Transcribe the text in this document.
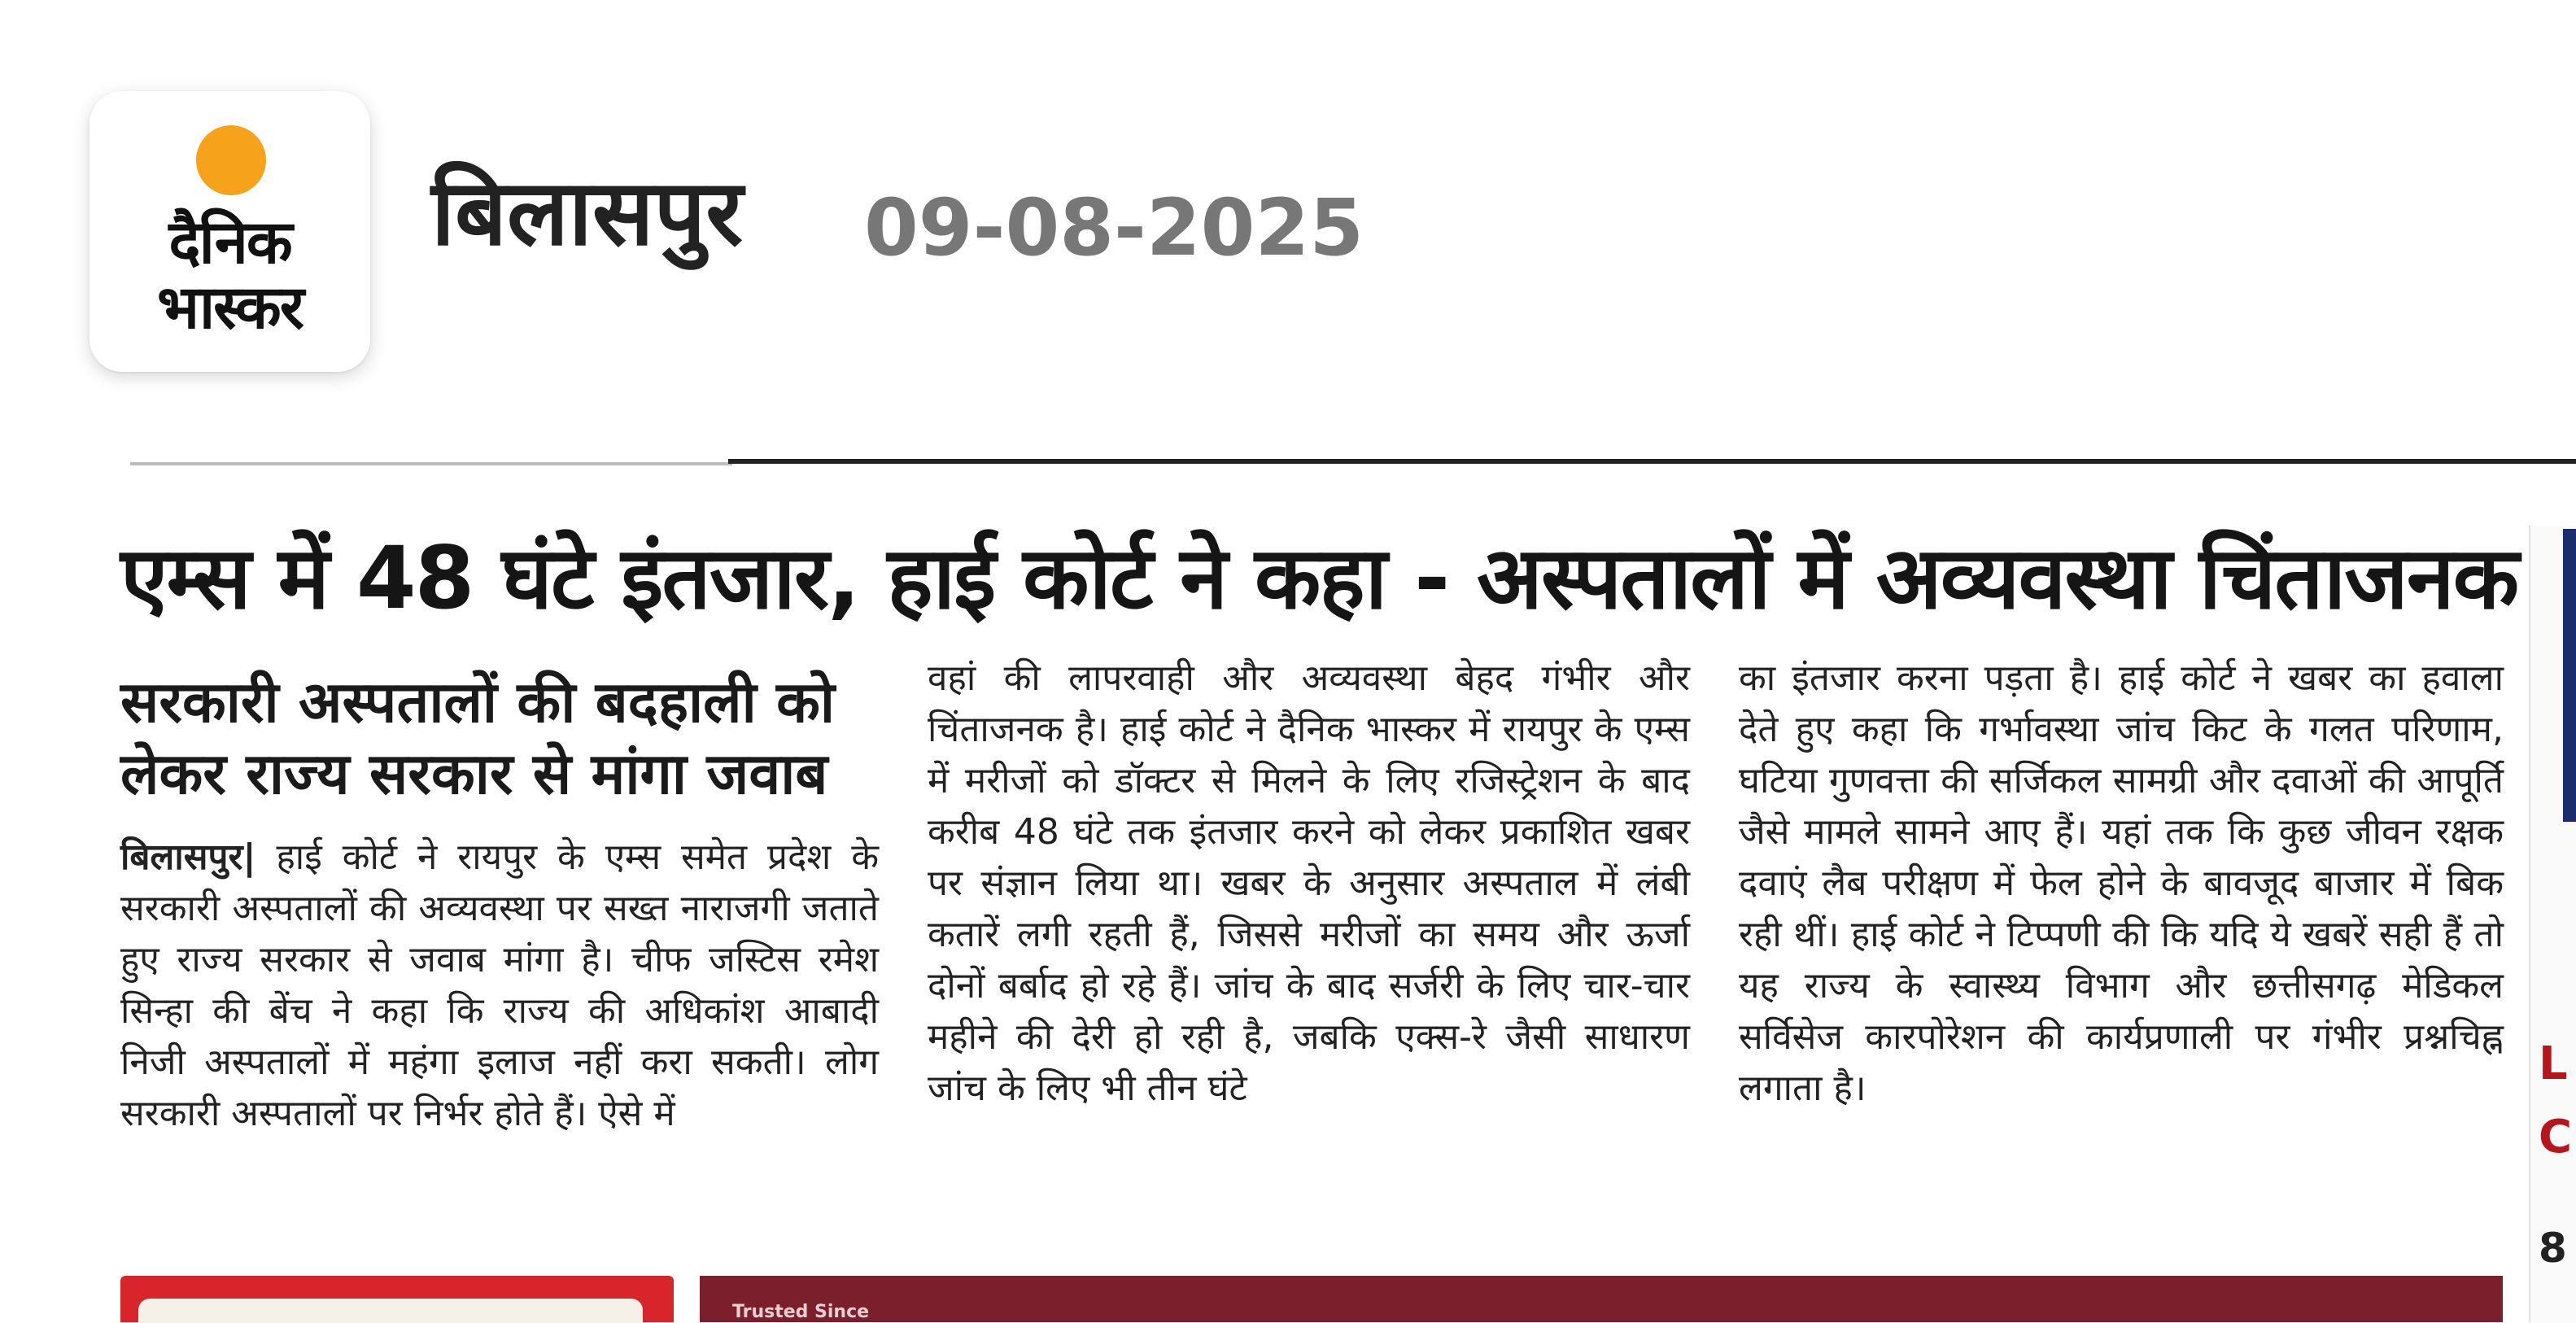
दैनिक
भास्कर
बिलासपुर 09-08-2025
एम्स में 48 घंटे इंतजार, हाई कोर्ट ने कहा - अस्पतालों में अव्यवस्था चिंताजनक
सरकारी अस्पतालों की बदहाली को लेकर राज्य सरकार से मांगा जवाब
बिलासपुर| हाई कोर्ट ने रायपुर के एम्स समेत प्रदेश के सरकारी अस्पतालों की अव्यवस्था पर सख्त नाराजगी जताते हुए राज्य सरकार से जवाब मांगा है। चीफ जस्टिस रमेश सिन्हा की बेंच ने कहा कि राज्य की अधिकांश आबादी निजी अस्पतालों में महंगा इलाज नहीं करा सकती। लोग सरकारी अस्पतालों पर निर्भर होते हैं। ऐसे में
वहां की लापरवाही और अव्यवस्था बेहद गंभीर और चिंताजनक है। हाई कोर्ट ने दैनिक भास्कर में रायपुर के एम्स में मरीजों को डॉक्टर से मिलने के लिए रजिस्ट्रेशन के बाद करीब 48 घंटे तक इंतजार करने को लेकर प्रकाशित खबर पर संज्ञान लिया था। खबर के अनुसार अस्पताल में लंबी कतारें लगी रहती हैं, जिससे मरीजों का समय और ऊर्जा दोनों बर्बाद हो रहे हैं। जांच के बाद सर्जरी के लिए चार-चार महीने की देरी हो रही है, जबकि एक्स-रे जैसी साधारण जांच के लिए भी तीन घंटे
का इंतजार करना पड़ता है। हाई कोर्ट ने खबर का हवाला देते हुए कहा कि गर्भावस्था जांच किट के गलत परिणाम, घटिया गुणवत्ता की सर्जिकल सामग्री और दवाओं की आपूर्ति जैसे मामले सामने आए हैं। यहां तक कि कुछ जीवन रक्षक दवाएं लैब परीक्षण में फेल होने के बावजूद बाजार में बिक रही थीं। हाई कोर्ट ने टिप्पणी की कि यदि ये खबरें सही हैं तो यह राज्य के स्वास्थ्य विभाग और छत्तीसगढ़ मेडिकल सर्विसेज कारपोरेशन की कार्यप्रणाली पर गंभीर प्रश्नचिह्न लगाता है।	L
C
8
Trusted Since
